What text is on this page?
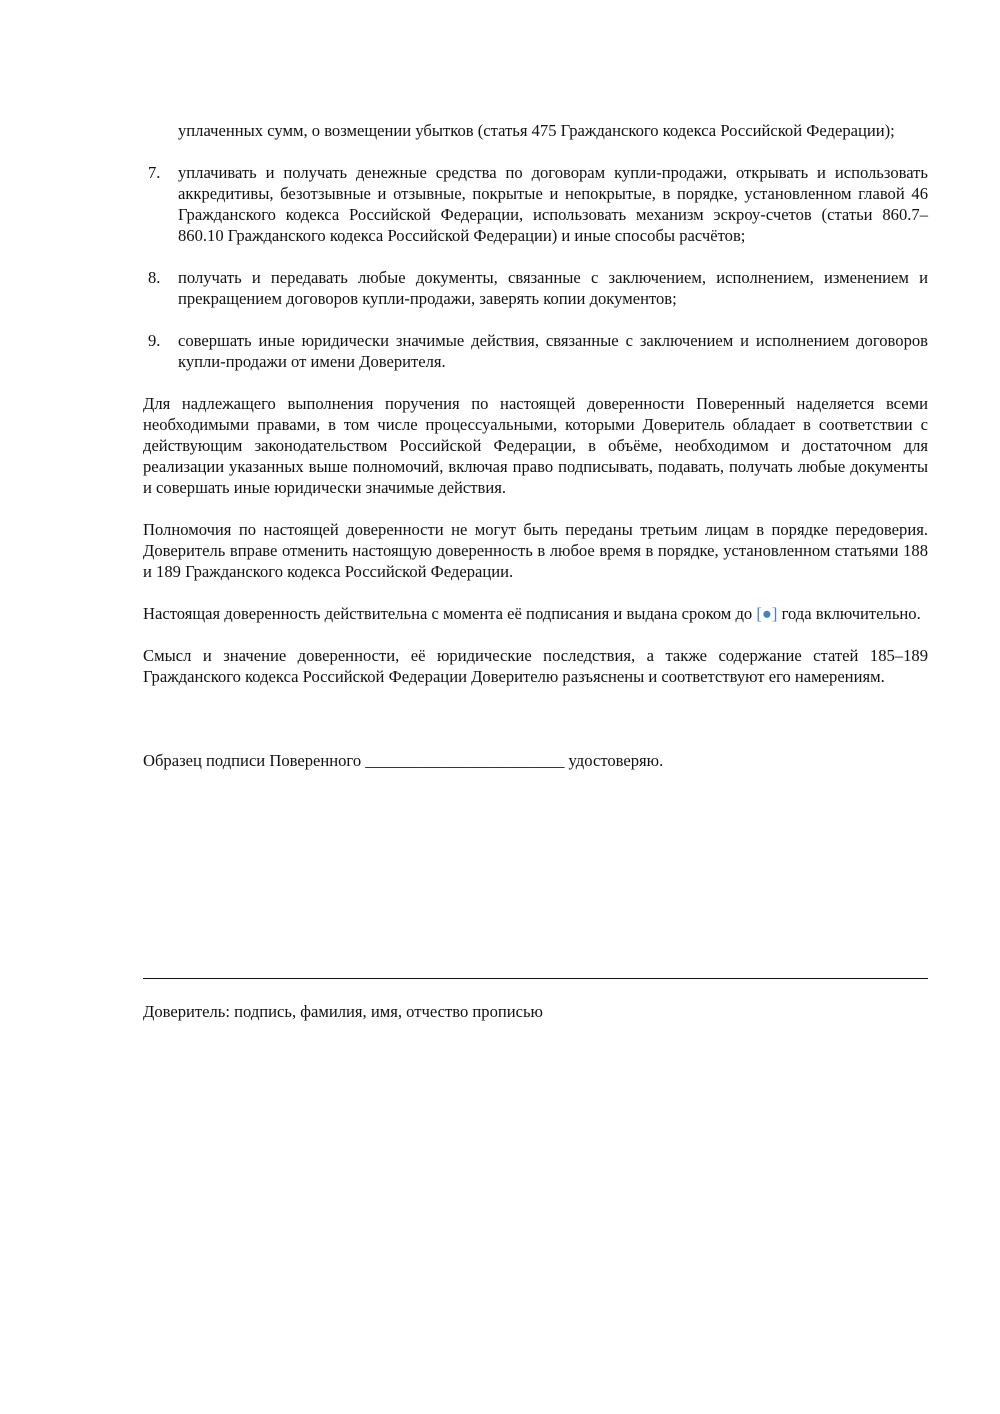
уплаченных сумм, о возмещении убытков (статья 475 Гражданского кодекса Российской Федерации);
7.	уплачивать и получать денежные средства по договорам купли-продажи, открывать и использовать аккредитивы, безотзывные и отзывные, покрытые и непокрытые, в порядке, установленном главой 46 Гражданского кодекса Российской Федерации, использовать механизм эскроу-счетов (статьи 860.7–860.10 Гражданского кодекса Российской Федерации) и иные способы расчётов;
8.	получать и передавать любые документы, связанные с заключением, исполнением, изменением и прекращением договоров купли-продажи, заверять копии документов;
9.	совершать иные юридически значимые действия, связанные с заключением и исполнением договоров купли-продажи от имени Доверителя.
Для надлежащего выполнения поручения по настоящей доверенности Поверенный наделяется всеми необходимыми правами, в том числе процессуальными, которыми Доверитель обладает в соответствии с действующим законодательством Российской Федерации, в объёме, необходимом и достаточном для реализации указанных выше полномочий, включая право подписывать, подавать, получать любые документы и совершать иные юридически значимые действия.
Полномочия по настоящей доверенности не могут быть переданы третьим лицам в порядке передоверия. Доверитель вправе отменить настоящую доверенность в любое время в порядке, установленном статьями 188 и 189 Гражданского кодекса Российской Федерации.
Настоящая доверенность действительна с момента её подписания и выдана сроком до [●] года включительно.
Смысл и значение доверенности, её юридические последствия, а также содержание статей 185–189 Гражданского кодекса Российской Федерации Доверителю разъяснены и соответствуют его намерениям.
Образец подписи Поверенного ________________________ удостоверяю.
Доверитель: подпись, фамилия, имя, отчество прописью
